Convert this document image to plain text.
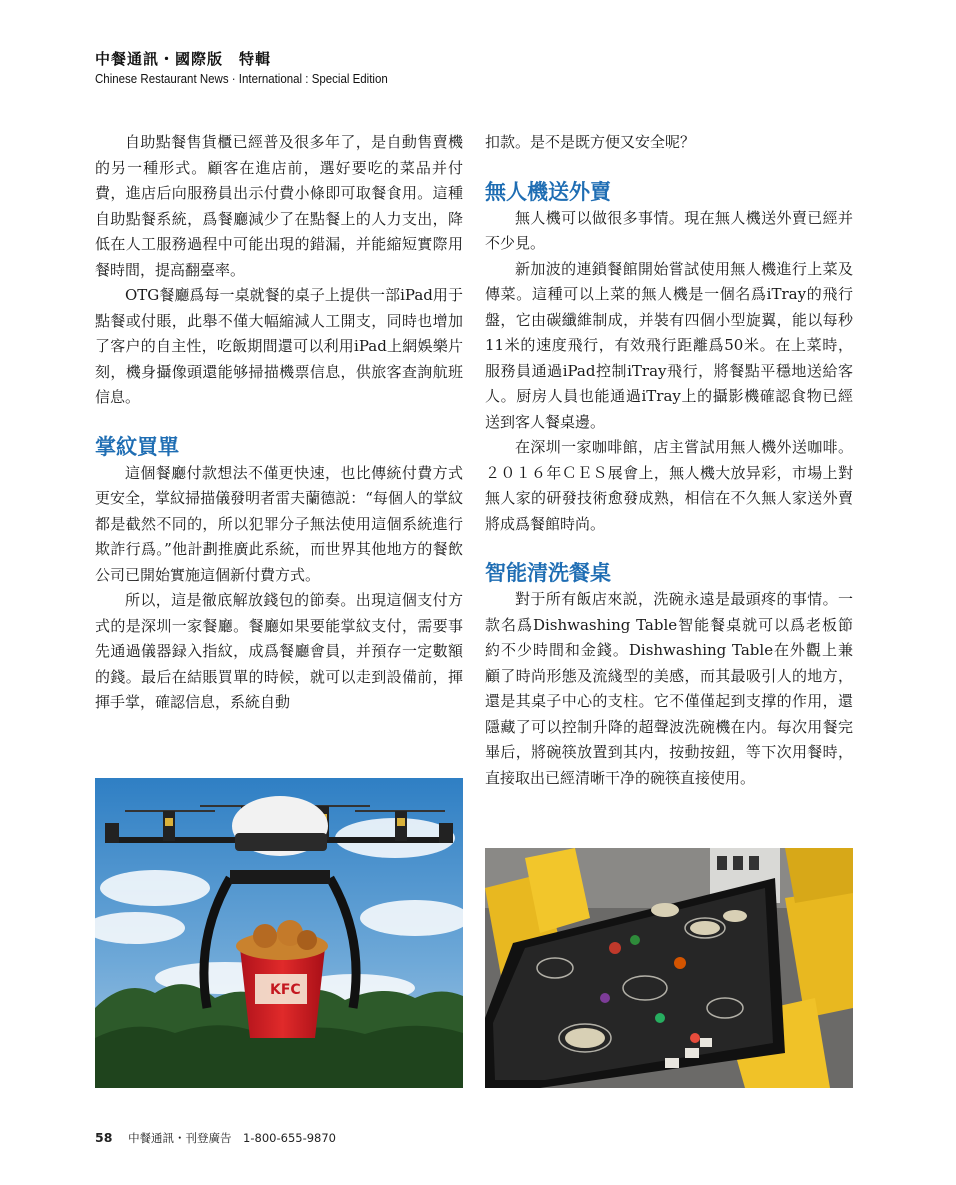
中餐通訊・國際版　特輯
Chinese Restaurant News · International : Special Edition

自助點餐售貨櫃已經普及很多年了，是自動售賣機的另一種形式。顧客在進店前，選好要吃的菜品并付費，進店后向服務員出示付費小條即可取餐食用。這種自助點餐系統，爲餐廳減少了在點餐上的人力支出，降低在人工服務過程中可能出現的錯漏，并能縮短實際用餐時間，提高翻臺率。

OTG餐廳爲每一桌就餐的桌子上提供一部iPad用于點餐或付賬，此舉不僅大幅縮減人工開支，同時也增加了客户的自主性，吃飯期間還可以利用iPad上網娛樂片刻，機身攝像頭還能够掃描機票信息，供旅客查詢航班信息。

掌紋買單

這個餐廳付款想法不僅更快速，也比傳統付費方式更安全，掌紋掃描儀發明者雷夫蘭德説：“每個人的掌紋都是截然不同的，所以犯罪分子無法使用這個系統進行欺詐行爲。”他計劃推廣此系統，而世界其他地方的餐飲公司已開始實施這個新付費方式。

所以，這是徹底解放錢包的節奏。出現這個支付方式的是深圳一家餐廳。餐廳如果要能掌紋支付，需要事先通過儀器録入指紋，成爲餐廳會員，并預存一定數額的錢。最后在結賬買單的時候，就可以走到設備前，揮揮手掌，確認信息，系統自動

扣款。是不是既方便又安全呢？

無人機送外賣

無人機可以做很多事情。現在無人機送外賣已經并不少見。

新加波的連鎖餐館開始嘗試使用無人機進行上菜及傳菜。這種可以上菜的無人機是一個名爲iTray的飛行盤，它由碳纖維制成，并裝有四個小型旋翼，能以每秒11米的速度飛行，有效飛行距離爲50米。在上菜時，服務員通過iPad控制iTray飛行，將餐點平穩地送給客人。厨房人員也能通過iTray上的攝影機確認食物已經送到客人餐桌邊。

在深圳一家咖啡館，店主嘗試用無人機外送咖啡。２０１６年ＣＥＳ展會上，無人機大放异彩，市場上對無人家的研發技術愈發成熟，相信在不久無人家送外賣將成爲餐館時尚。

智能清洗餐桌

對于所有飯店來説，洗碗永遠是最頭疼的事情。一款名爲Dishwashing Table智能餐桌就可以爲老板節約不少時間和金錢。Dishwashing Table在外觀上兼顧了時尚形態及流綫型的美感，而其最吸引人的地方，還是其桌子中心的支柱。它不僅僅起到支撑的作用，還隱藏了可以控制升降的超聲波洗碗機在内。每次用餐完畢后，將碗筷放置到其内，按動按鈕，等下次用餐時，直接取出已經清晰干净的碗筷直接使用。

KFC
58 中餐通訊・刊登廣告　1-800-655-9870
